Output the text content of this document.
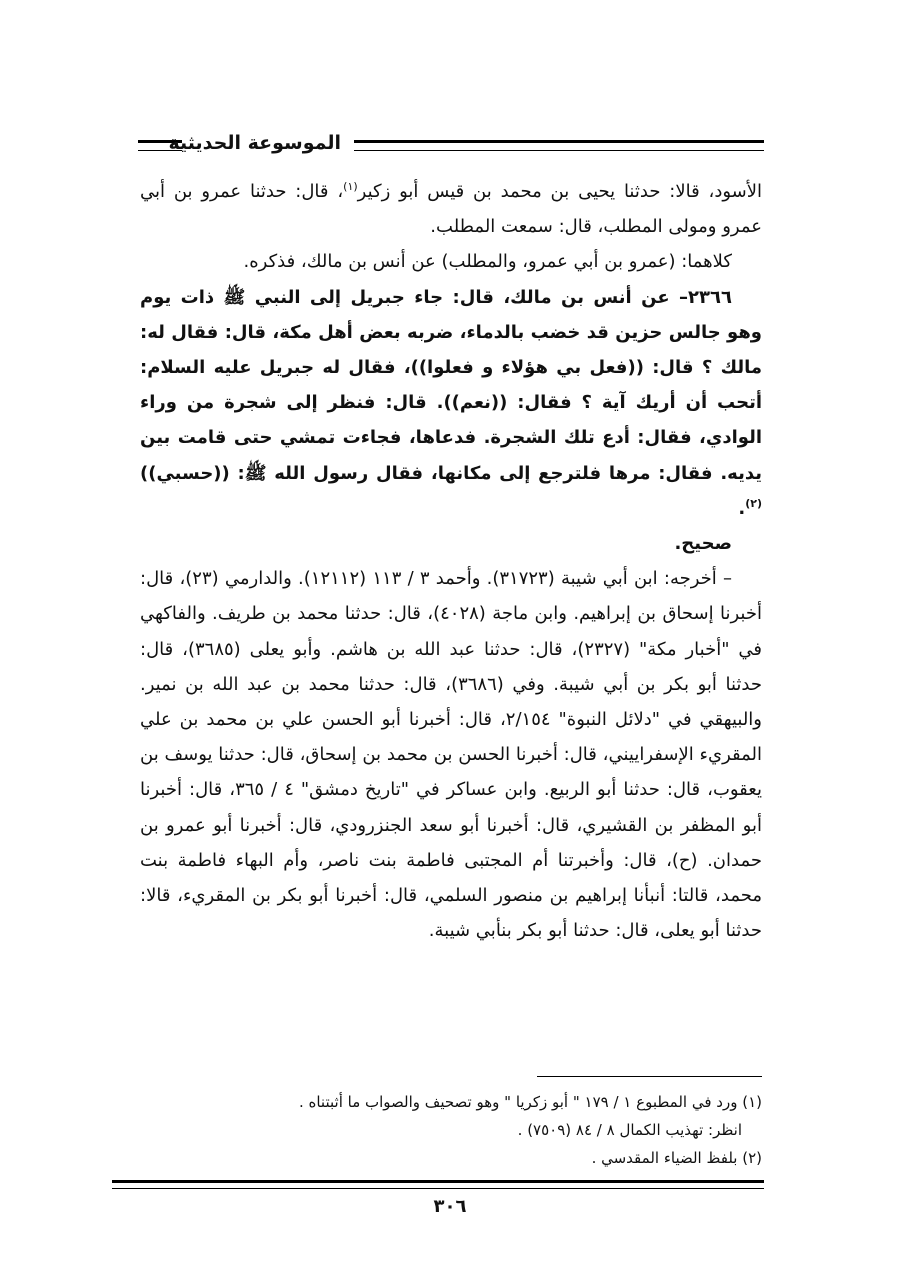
الموسوعة الحديثية

الأسود، قالا: حدثنا يحيى بن محمد بن قيس أبو زكير$^{(١)}$، قال: حدثنا عمرو بن أبي عمرو ومولى المطلب، قال: سمعت المطلب.

كلاهما: (عمرو بن أبي عمرو، والمطلب) عن أنس بن مالك، فذكره.

٢٣٦٦– عن أنس بن مالك، قال: جاء جبريل إلى النبي ﷺ ذات يوم وهو جالس حزين قد خضب بالدماء، ضربه بعض أهل مكة، قال: فقال له: مالك ؟ قال: ((فعل بي هؤلاء و فعلوا))، فقال له جبريل عليه السلام: أتحب أن أريك آية ؟ فقال: ((نعم)). قال: فنظر إلى شجرة من وراء الوادي، فقال: أدع تلك الشجرة. فدعاها، فجاءت تمشي حتى قامت بين يديه. فقال: مرها فلترجع إلى مكانها، فقال رسول الله ﷺ: ((حسبي))$^{(٢)}$.

صحيح.

– أخرجه: ابن أبي شيبة (٣١٧٢٣). وأحمد ٣ / ١١٣ (١٢١١٢). والدارمي (٢٣)، قال: أخبرنا إسحاق بن إبراهيم. وابن ماجة (٤٠٢٨)، قال: حدثنا محمد بن طريف. والفاكهي في "أخبار مكة" (٢٣٢٧)، قال: حدثنا عبد الله بن هاشم. وأبو يعلى (٣٦٨٥)، قال: حدثنا أبو بكر بن أبي شيبة. وفي (٣٦٨٦)، قال: حدثنا محمد بن عبد الله بن نمير. والبيهقي في "دلائل النبوة" ٢/١٥٤، قال: أخبرنا أبو الحسن علي بن محمد بن علي المقريء الإسفراييني، قال: أخبرنا الحسن بن محمد بن إسحاق، قال: حدثنا يوسف بن يعقوب، قال: حدثنا أبو الربيع. وابن عساكر في "تاريخ دمشق" ٤ / ٣٦٥، قال: أخبرنا أبو المظفر بن القشيري، قال: أخبرنا أبو سعد الجنزرودي، قال: أخبرنا أبو عمرو بن حمدان. (ح)، قال: وأخبرتنا أم المجتبى فاطمة بنت ناصر، وأم البهاء فاطمة بنت محمد، قالتا: أنبأنا إبراهيم بن منصور السلمي، قال: أخبرنا أبو بكر بن المقريء، قالا: حدثنا أبو يعلى، قال: حدثنا أبو بكر بنأبي شيبة.

(١) ورد في المطبوع ١ / ١٧٩ " أبو زكريا " وهو تصحيف والصواب ما أثبتناه .

انظر: تهذيب الكمال ٨ / ٨٤ (٧٥٠٩) .

(٢) بلفظ الضياء المقدسي .

٣٠٦
